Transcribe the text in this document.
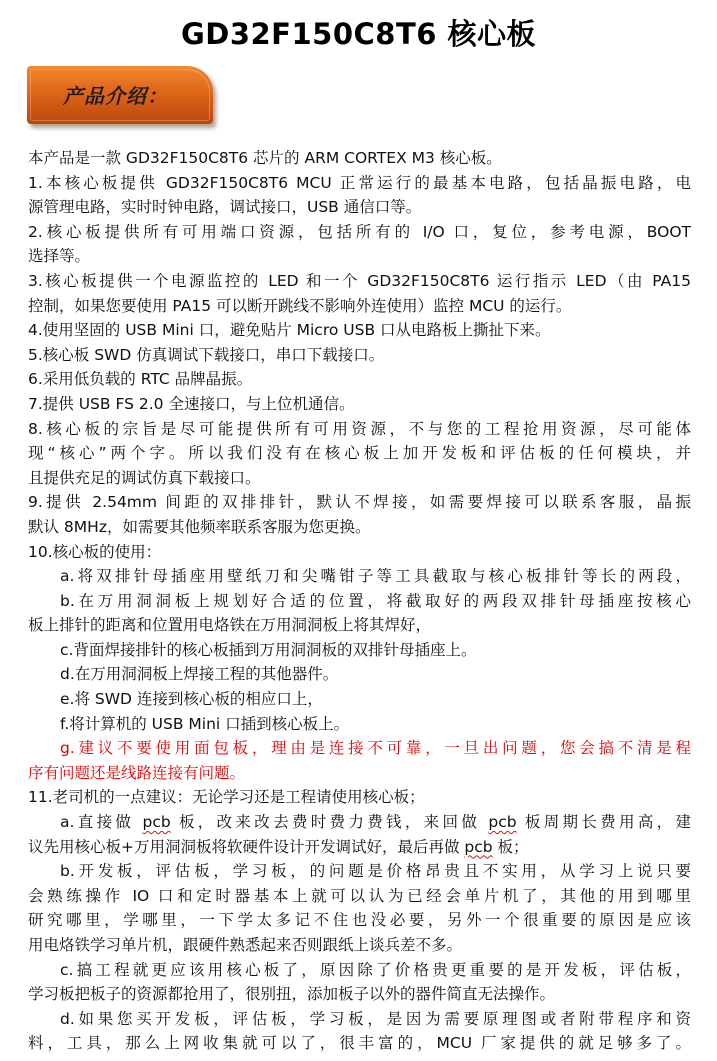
GD32F150C8T6 核心板
产品介绍：
本产品是一款 GD32F150C8T6 芯片的 ARM CORTEX M3 核心板。
1.本核心板提供 GD32F150C8T6 MCU 正常运行的最基本电路，包括晶振电路，电
源管理电路，实时时钟电路，调试接口，USB 通信口等。
2.核心板提供所有可用端口资源，包括所有的 I/O 口，复位，参考电源，BOOT
选择等。
3.核心板提供一个电源监控的 LED 和一个 GD32F150C8T6 运行指示 LED（由 PA15
控制，如果您要使用 PA15 可以断开跳线不影响外连使用）监控 MCU 的运行。
4.使用坚固的 USB Mini 口，避免贴片 Micro USB 口从电路板上撕扯下来。
5.核心板 SWD 仿真调试下载接口，串口下载接口。
6.采用低负载的 RTC 品牌晶振。
7.提供 USB FS 2.0 全速接口，与上位机通信。
8.核心板的宗旨是尽可能提供所有可用资源，不与您的工程抢用资源，尽可能体
现“核心”两个字。所以我们没有在核心板上加开发板和评估板的任何模块，并
且提供充足的调试仿真下载接口。
9.提供 2.54mm 间距的双排排针，默认不焊接，如需要焊接可以联系客服，晶振
默认 8MHz，如需要其他频率联系客服为您更换。
10.核心板的使用：
a.将双排针母插座用壁纸刀和尖嘴钳子等工具截取与核心板排针等长的两段，
b.在万用洞洞板上规划好合适的位置，将截取好的两段双排针母插座按核心
板上排针的距离和位置用电烙铁在万用洞洞板上将其焊好，
c.背面焊接排针的核心板插到万用洞洞板的双排针母插座上。
d.在万用洞洞板上焊接工程的其他器件。
e.将 SWD 连接到核心板的相应口上，
f.将计算机的 USB Mini 口插到核心板上。
g.建议不要使用面包板，理由是连接不可靠，一旦出问题，您会搞不清是程
序有问题还是线路连接有问题。
11.老司机的一点建议：无论学习还是工程请使用核心板；
a.直接做 pcb 板，改来改去费时费力费钱，来回做 pcb 板周期长费用高，建
议先用核心板+万用洞洞板将软硬件设计开发调试好，最后再做 pcb 板；
b.开发板，评估板，学习板，的问题是价格昂贵且不实用，从学习上说只要
会熟练操作 IO 口和定时器基本上就可以认为已经会单片机了，其他的用到哪里
研究哪里，学哪里，一下学太多记不住也没必要，另外一个很重要的原因是应该
用电烙铁学习单片机，跟硬件熟悉起来否则跟纸上谈兵差不多。
c.搞工程就更应该用核心板了，原因除了价格贵更重要的是开发板，评估板，
学习板把板子的资源都抢用了，很别扭，添加板子以外的器件简直无法操作。
d.如果您买开发板，评估板，学习板，是因为需要原理图或者附带程序和资
料，工具，那么上网收集就可以了，很丰富的，MCU 厂家提供的就足够多了。
